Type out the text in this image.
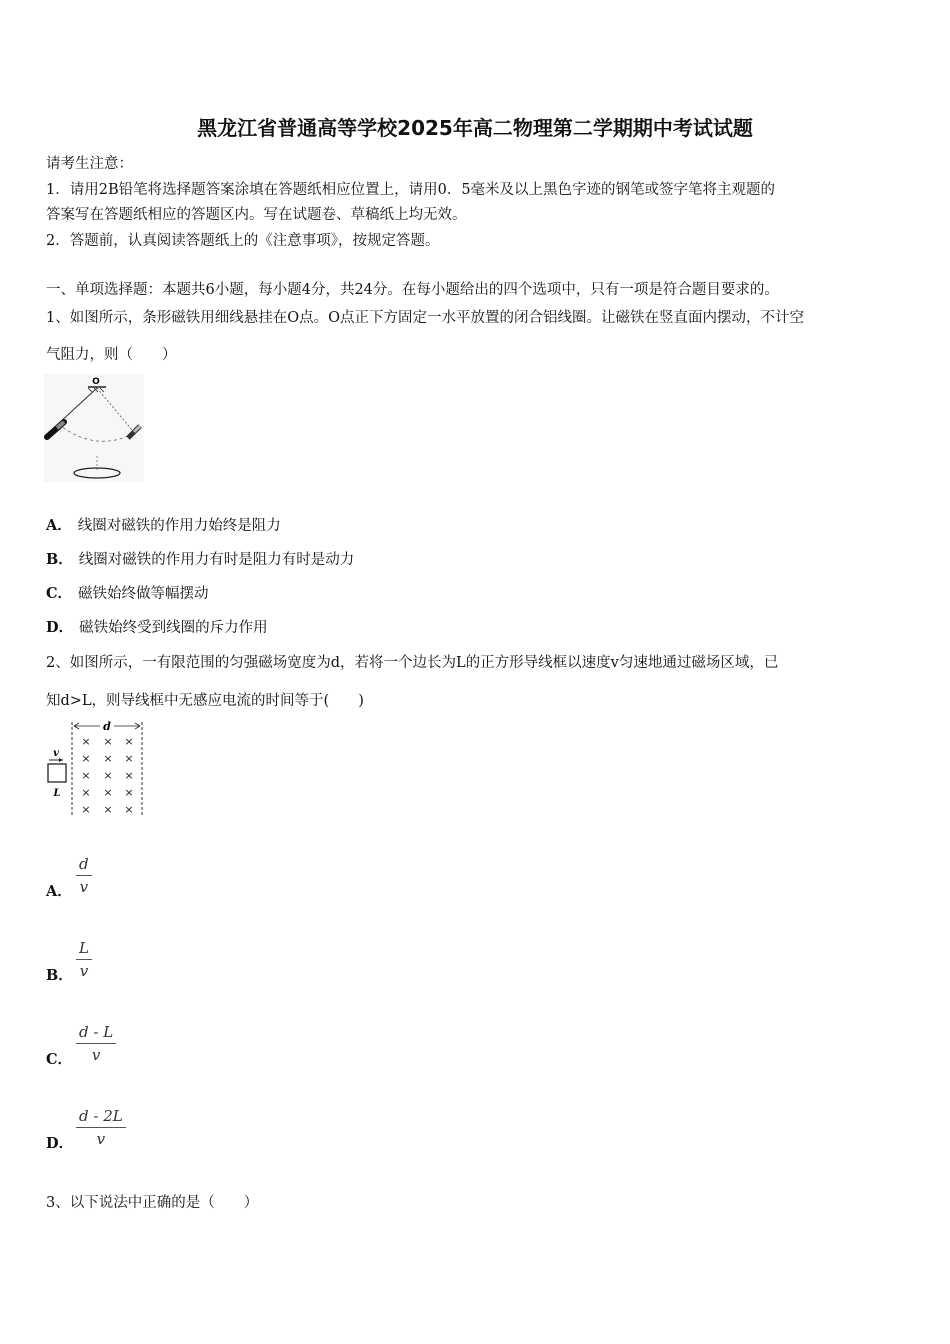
黑龙江省普通高等学校2025年高二物理第二学期期中考试试题
请考生注意：
1．请用2B铅笔将选择题答案涂填在答题纸相应位置上，请用0．5毫米及以上黑色字迹的钢笔或签字笔将主观题的
答案写在答题纸相应的答题区内。写在试题卷、草稿纸上均无效。
2．答题前，认真阅读答题纸上的《注意事项》，按规定答题。
一、单项选择题：本题共6小题，每小题4分，共24分。在每小题给出的四个选项中，只有一项是符合题目要求的。
1、如图所示，条形磁铁用细线悬挂在O点。O点正下方固定一水平放置的闭合铝线圈。让磁铁在竖直面内摆动，不计空
气阻力，则（　　）
O
A． 线圈对磁铁的作用力始终是阻力
B． 线圈对磁铁的作用力有时是阻力有时是动力
C． 磁铁始终做等幅摆动
D． 磁铁始终受到线圈的斥力作用
2、如图所示，一有限范围的匀强磁场宽度为d，若将一个边长为L的正方形导线框以速度v匀速地通过磁场区域，已
知d>L，则导线框中无感应电流的时间等于(　　)
d
× × ×
× × ×
× × ×
× × ×
× × ×
v
L
A． $\frac{d}{v}$
B． $\frac{L}{v}$
C． $\frac{d - L}{v}$
D． $\frac{d - 2L}{v}$
3、以下说法中正确的是（　　）
